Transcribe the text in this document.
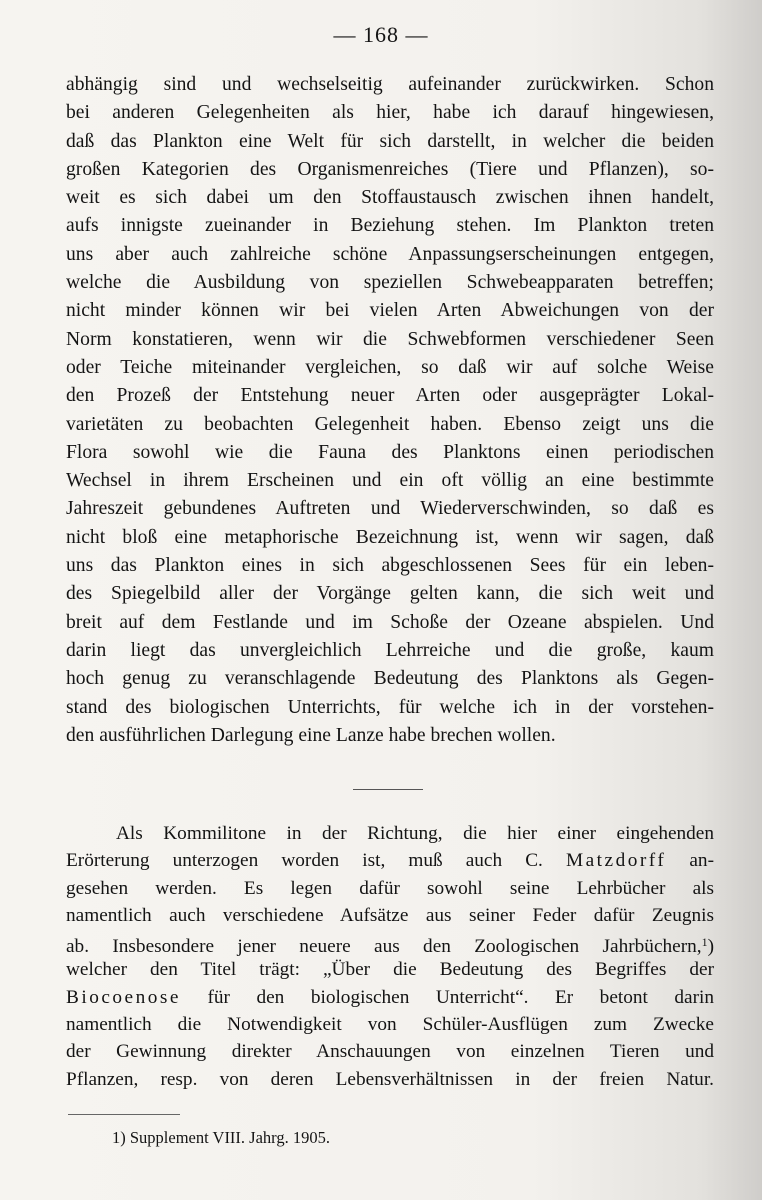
— 168 —
abhängig sind und wechselseitig aufeinander zurückwirken. Schon
bei anderen Gelegenheiten als hier, habe ich darauf hingewiesen,
daß das Plankton eine Welt für sich darstellt, in welcher die beiden
großen Kategorien des Organismenreiches (Tiere und Pflanzen), so-
weit es sich dabei um den Stoffaustausch zwischen ihnen handelt,
aufs innigste zueinander in Beziehung stehen. Im Plankton treten
uns aber auch zahlreiche schöne Anpassungserscheinungen entgegen,
welche die Ausbildung von speziellen Schwebeapparaten betreffen;
nicht minder können wir bei vielen Arten Abweichungen von der
Norm konstatieren, wenn wir die Schwebformen verschiedener Seen
oder Teiche miteinander vergleichen, so daß wir auf solche Weise
den Prozeß der Entstehung neuer Arten oder ausgeprägter Lokal-
varietäten zu beobachten Gelegenheit haben. Ebenso zeigt uns die
Flora sowohl wie die Fauna des Planktons einen periodischen
Wechsel in ihrem Erscheinen und ein oft völlig an eine bestimmte
Jahreszeit gebundenes Auftreten und Wiederverschwinden, so daß es
nicht bloß eine metaphorische Bezeichnung ist, wenn wir sagen, daß
uns das Plankton eines in sich abgeschlossenen Sees für ein leben-
des Spiegelbild aller der Vorgänge gelten kann, die sich weit und
breit auf dem Festlande und im Schoße der Ozeane abspielen. Und
darin liegt das unvergleichlich Lehrreiche und die große, kaum
hoch genug zu veranschlagende Bedeutung des Planktons als Gegen-
stand des biologischen Unterrichts, für welche ich in der vorstehen-
den ausführlichen Darlegung eine Lanze habe brechen wollen.
Als Kommilitone in der Richtung, die hier einer eingehenden
Erörterung unterzogen worden ist, muß auch C. Matzdorff an-
gesehen werden. Es legen dafür sowohl seine Lehrbücher als
namentlich auch verschiedene Aufsätze aus seiner Feder dafür Zeugnis
ab. Insbesondere jener neuere aus den Zoologischen Jahrbüchern,$^1$)
welcher den Titel trägt: „Über die Bedeutung des Begriffes der
Biocoenose für den biologischen Unterricht“. Er betont darin
namentlich die Notwendigkeit von Schüler-Ausflügen zum Zwecke
der Gewinnung direkter Anschauungen von einzelnen Tieren und
Pflanzen, resp. von deren Lebensverhältnissen in der freien Natur.
1) Supplement VIII. Jahrg. 1905.
